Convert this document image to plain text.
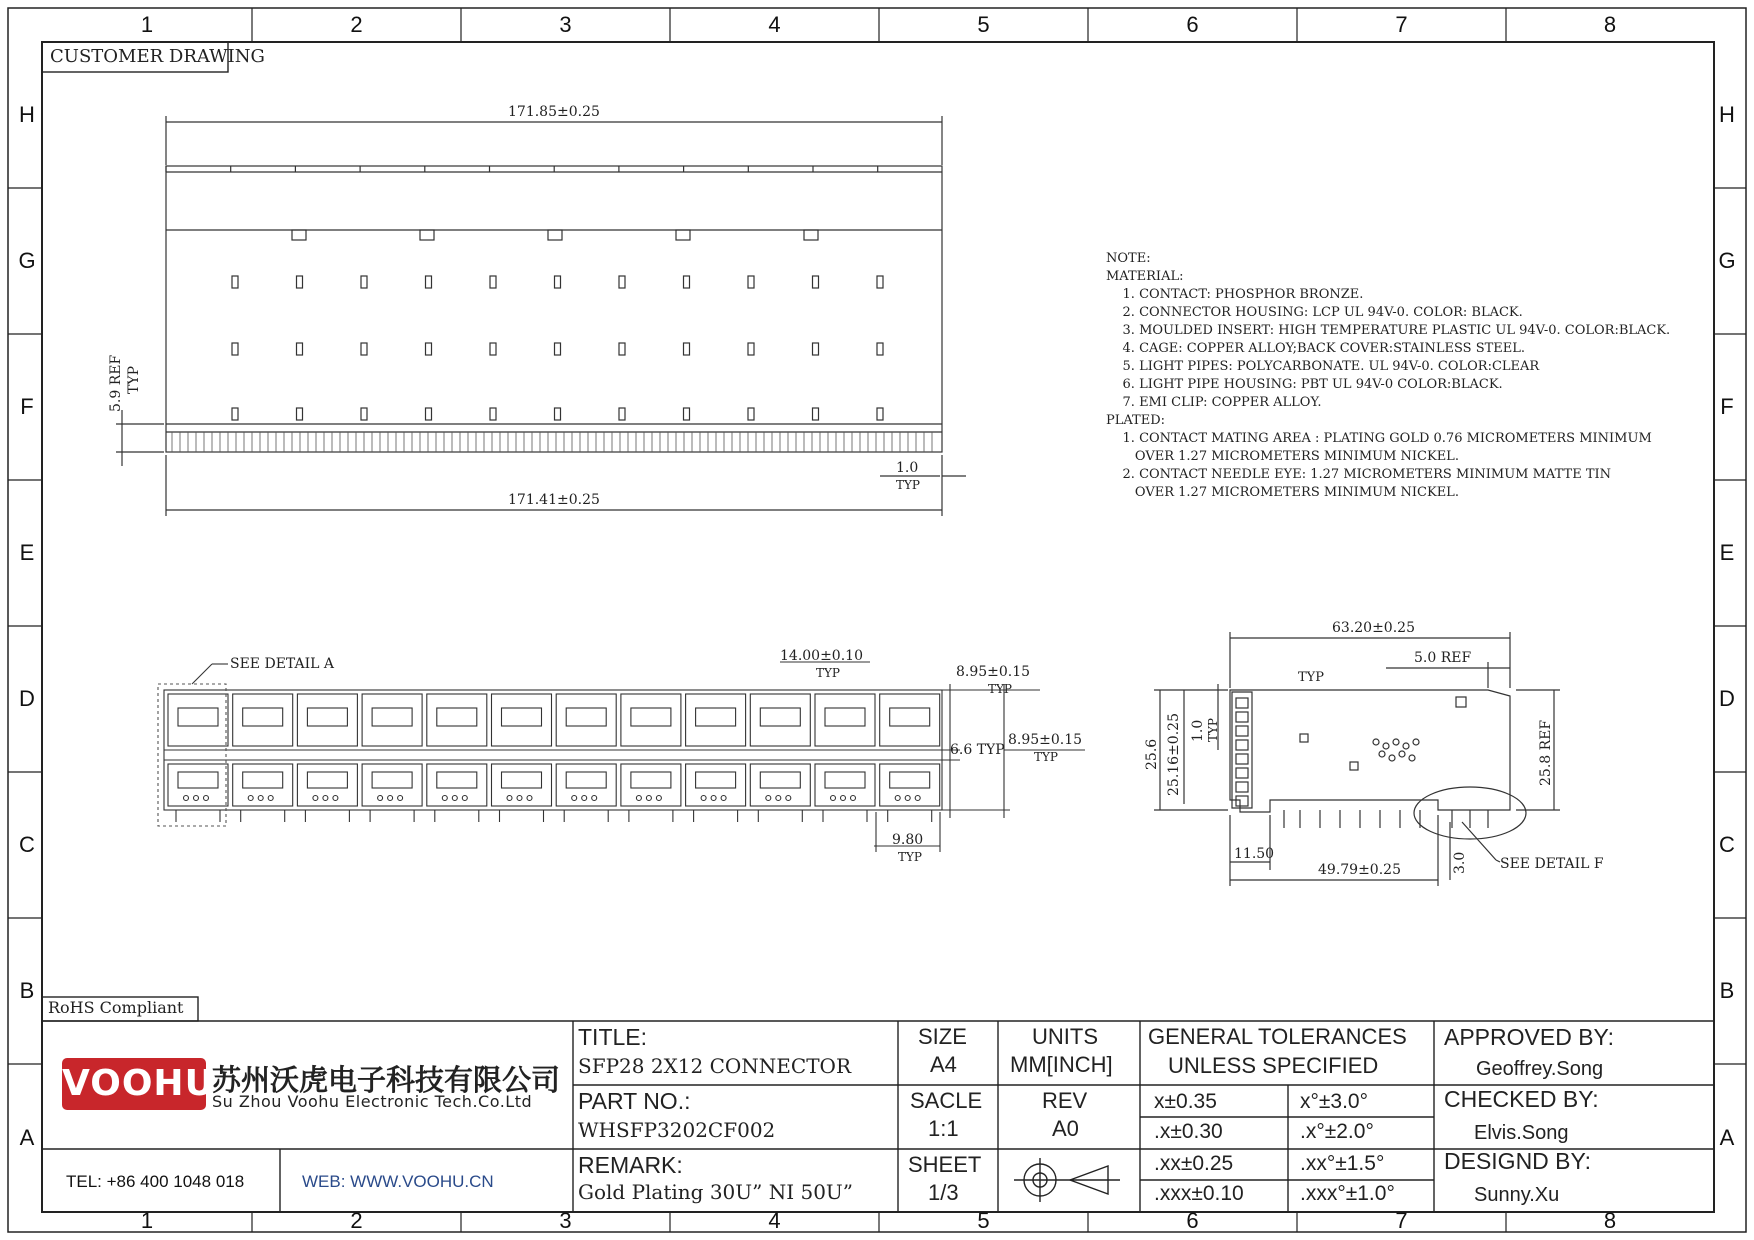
1
1
2
2
3
3
4
4
5
5
6
6
7
7
8
8
H	H
G	G
F	F
E	E
D	D
C	C
B	B
A	A
CUSTOMER DRAWING
RoHS Compliant
171.85±0.25
171.41±0.25
5.9 REF TYP
1.0
TYP
SEE DETAIL A	14.00±0.10
TYP	8.95±0.15
TYP
6.6 TYP
8.95±0.15
TYP
9.80
TYP
63.20±0.25
5.0 REF
TYP
25.6 25.16±0.25 1.0 TYP	25.8 REF
11.50
49.79±0.25	3.0 SEE DETAIL F
NOTE:
MATERIAL:
1. CONTACT: PHOSPHOR BRONZE.
2. CONNECTOR HOUSING: LCP UL 94V-0. COLOR: BLACK.
3. MOULDED INSERT: HIGH TEMPERATURE PLASTIC UL 94V-0. COLOR:BLACK.
4. CAGE: COPPER ALLOY;BACK COVER:STAINLESS STEEL.
5. LIGHT PIPES: POLYCARBONATE. UL 94V-0. COLOR:CLEAR
6. LIGHT PIPE HOUSING: PBT UL 94V-0 COLOR:BLACK.
7. EMI CLIP: COPPER ALLOY.
PLATED:
1. CONTACT MATING AREA : PLATING GOLD 0.76 MICROMETERS MINIMUM
OVER 1.27 MICROMETERS MINIMUM NICKEL.
2. CONTACT NEEDLE EYE: 1.27 MICROMETERS MINIMUM MATTE TIN
OVER 1.27 MICROMETERS MINIMUM NICKEL.
VOOHU
苏州沃虎电子科技有限公司
Su Zhou Voohu Electronic Tech.Co.Ltd
TEL: +86 400 1048 018	WEB: WWW.VOOHU.CN
TITLE:
SFP28 2X12 CONNECTOR
PART NO.:
WHSFP3202CF002
REMARK:
Gold Plating 30U” NI 50U”
SIZE
A4
UNITS
MM[INCH]
SACLE
1:1
REV
A0
SHEET
1/3
GENERAL TOLERANCES
UNLESS SPECIFIED
x±0.35	x°±3.0°
.x±0.30	.x°±2.0°
.xx±0.25	.xx°±1.5°
.xxx±0.10	.xxx°±1.0°
APPROVED BY:
Geoffrey.Song
CHECKED BY:
Elvis.Song
DESIGND BY:
Sunny.Xu
